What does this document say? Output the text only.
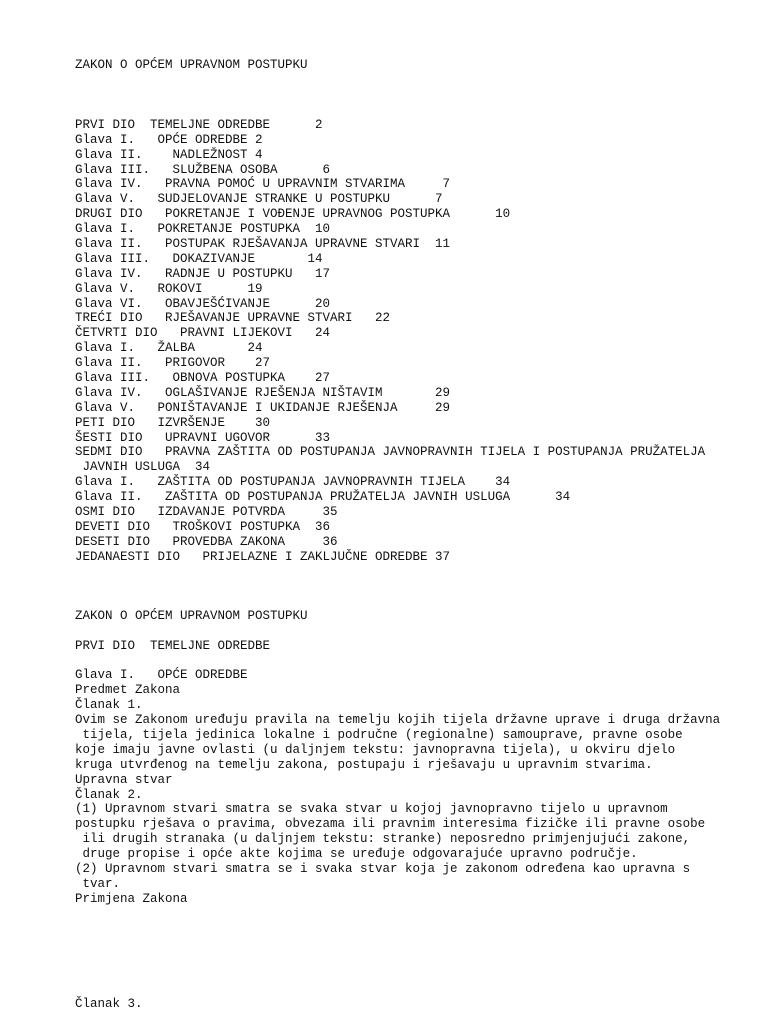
ZAKON O OPĆEM UPRAVNOM POSTUPKU
PRVI DIO  TEMELJNE ODREDBE      2
Glava I.   OPĆE ODREDBE 2
Glava II.    NADLEŽNOST 4
Glava III.   SLUŽBENA OSOBA      6
Glava IV.   PRAVNA POMOĆ U UPRAVNIM STVARIMA     7
Glava V.   SUDJELOVANJE STRANKE U POSTUPKU      7
DRUGI DIO   POKRETANJE I VOĐENJE UPRAVNOG POSTUPKA      10
Glava I.   POKRETANJE POSTUPKA  10
Glava II.   POSTUPAK RJEŠAVANJA UPRAVNE STVARI  11
Glava III.   DOKAZIVANJE       14
Glava IV.   RADNJE U POSTUPKU   17
Glava V.   ROKOVI      19
Glava VI.   OBAVJEŠĆIVANJE      20
TREĆI DIO   RJEŠAVANJE UPRAVNE STVARI   22
ČETVRTI DIO   PRAVNI LIJEKOVI   24
Glava I.   ŽALBA       24
Glava II.   PRIGOVOR    27
Glava III.   OBNOVA POSTUPKA    27
Glava IV.   OGLAŠIVANJE RJEŠENJA NIŠTAVIM       29
Glava V.   PONIŠTAVANJE I UKIDANJE RJEŠENJA     29
PETI DIO   IZVRŠENJE    30
ŠESTI DIO   UPRAVNI UGOVOR      33
SEDMI DIO   PRAVNA ZAŠTITA OD POSTUPANJA JAVNOPRAVNIH TIJELA I POSTUPANJA PRUŽATELJA
JAVNIH USLUGA  34
Glava I.   ZAŠTITA OD POSTUPANJA JAVNOPRAVNIH TIJELA    34
Glava II.   ZAŠTITA OD POSTUPANJA PRUŽATELJA JAVNIH USLUGA      34
OSMI DIO   IZDAVANJE POTVRDA     35
DEVETI DIO   TROŠKOVI POSTUPKA  36
DESETI DIO   PROVEDBA ZAKONA     36
JEDANAESTI DIO   PRIJELAZNE I ZAKLJUČNE ODREDBE 37
ZAKON O OPĆEM UPRAVNOM POSTUPKU
PRVI DIO  TEMELJNE ODREDBE
Glava I.   OPĆE ODREDBE
Predmet Zakona
Članak 1.
Ovim se Zakonom uređuju pravila na temelju kojih tijela državne uprave i druga državna
tijela, tijela jedinica lokalne i područne (regionalne) samouprave, pravne osobe
koje imaju javne ovlasti (u daljnjem tekstu: javnopravna tijela), u okviru djelo
kruga utvrđenog na temelju zakona, postupaju i rješavaju u upravnim stvarima.
Upravna stvar
Članak 2.
(1) Upravnom stvari smatra se svaka stvar u kojoj javnopravno tijelo u upravnom
postupku rješava o pravima, obvezama ili pravnim interesima fizičke ili pravne osobe
ili drugih stranaka (u daljnjem tekstu: stranke) neposredno primjenjujući zakone,
druge propise i opće akte kojima se uređuje odgovarajuće upravno područje.
(2) Upravnom stvari smatra se i svaka stvar koja je zakonom određena kao upravna s
tvar.
Primjena Zakona
Članak 3.
